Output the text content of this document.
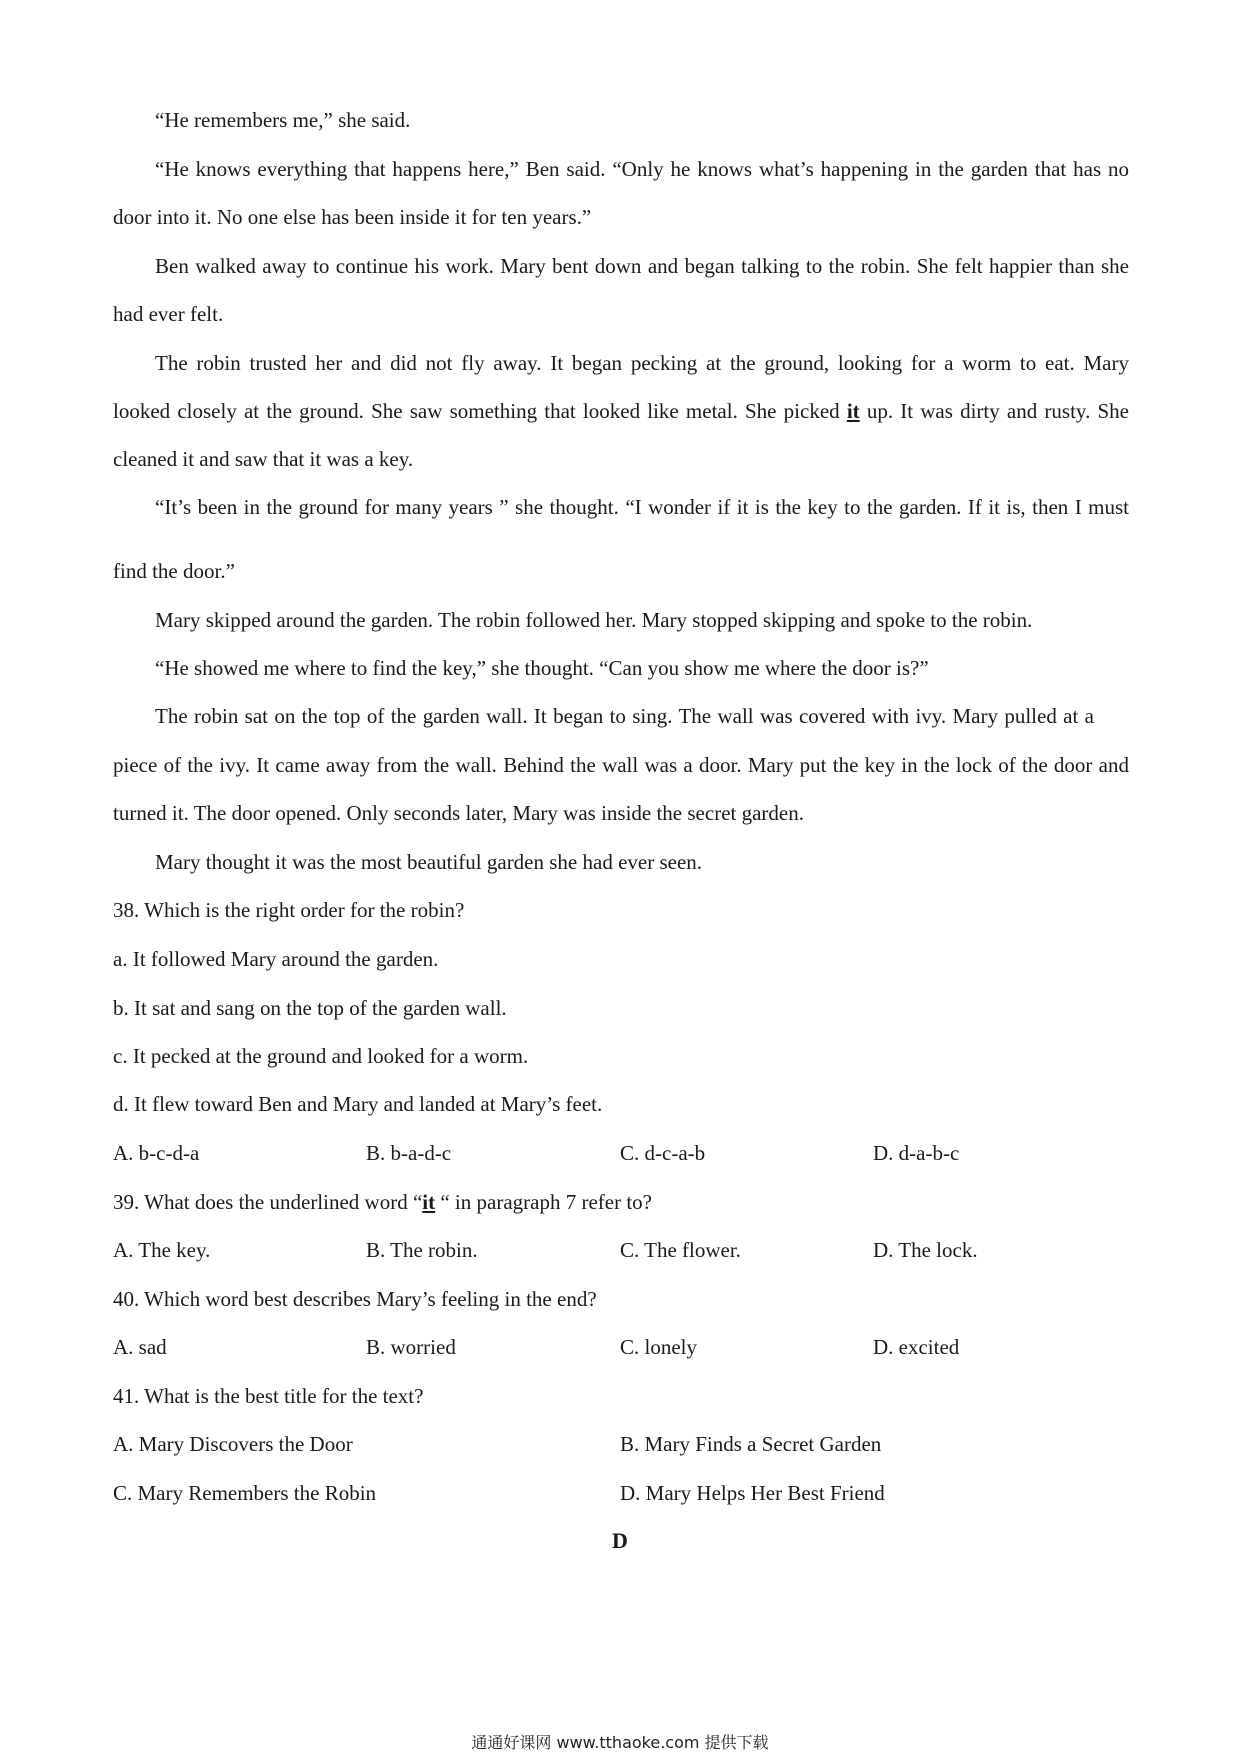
“He remembers me,” she said.

“He knows everything that happens here,” Ben said. “Only he knows what’s happening in the garden that has no

door into it. No one else has been inside it for ten years.”

Ben walked away to continue his work. Mary bent down and began talking to the robin. She felt happier than she

had ever felt.

The robin trusted her and did not fly away. It began pecking at the ground, looking for a worm to eat. Mary

looked closely at the ground. She saw something that looked like metal. She picked it up. It was dirty and rusty. She

cleaned it and saw that it was a key.

“It’s been in the ground for many years ” she thought. “I wonder if it is the key to the garden. If it is, then I must

find the door.”

Mary skipped around the garden. The robin followed her. Mary stopped skipping and spoke to the robin.

“He showed me where to find the key,” she thought. “Can you show me where the door is?”

The robin sat on the top of the garden wall. It began to sing. The wall was covered with ivy. Mary pulled at a

piece of the ivy. It came away from the wall. Behind the wall was a door. Mary put the key in the lock of the door and

turned it. The door opened. Only seconds later, Mary was inside the secret garden.

Mary thought it was the most beautiful garden she had ever seen.

38. Which is the right order for the robin?

a. It followed Mary around the garden.

b. It sat and sang on the top of the garden wall.

c. It pecked at the ground and looked for a worm.

d. It flew toward Ben and Mary and landed at Mary’s feet.

A. b-c-d-a	B. b-a-d-c	C. d-c-a-b	D. d-a-b-c

39. What does the underlined word “it “ in paragraph 7 refer to?

A. The key.	B. The robin.	C. The flower.	D. The lock.

40. Which word best describes Mary’s feeling in the end?

A. sad	B. worried	C. lonely	D. excited

41. What is the best title for the text?

A. Mary Discovers the Door	B. Mary Finds a Secret Garden
C. Mary Remembers the Robin	D. Mary Helps Her Best Friend
D
通通好课网 www.tthaoke.com 提供下载
